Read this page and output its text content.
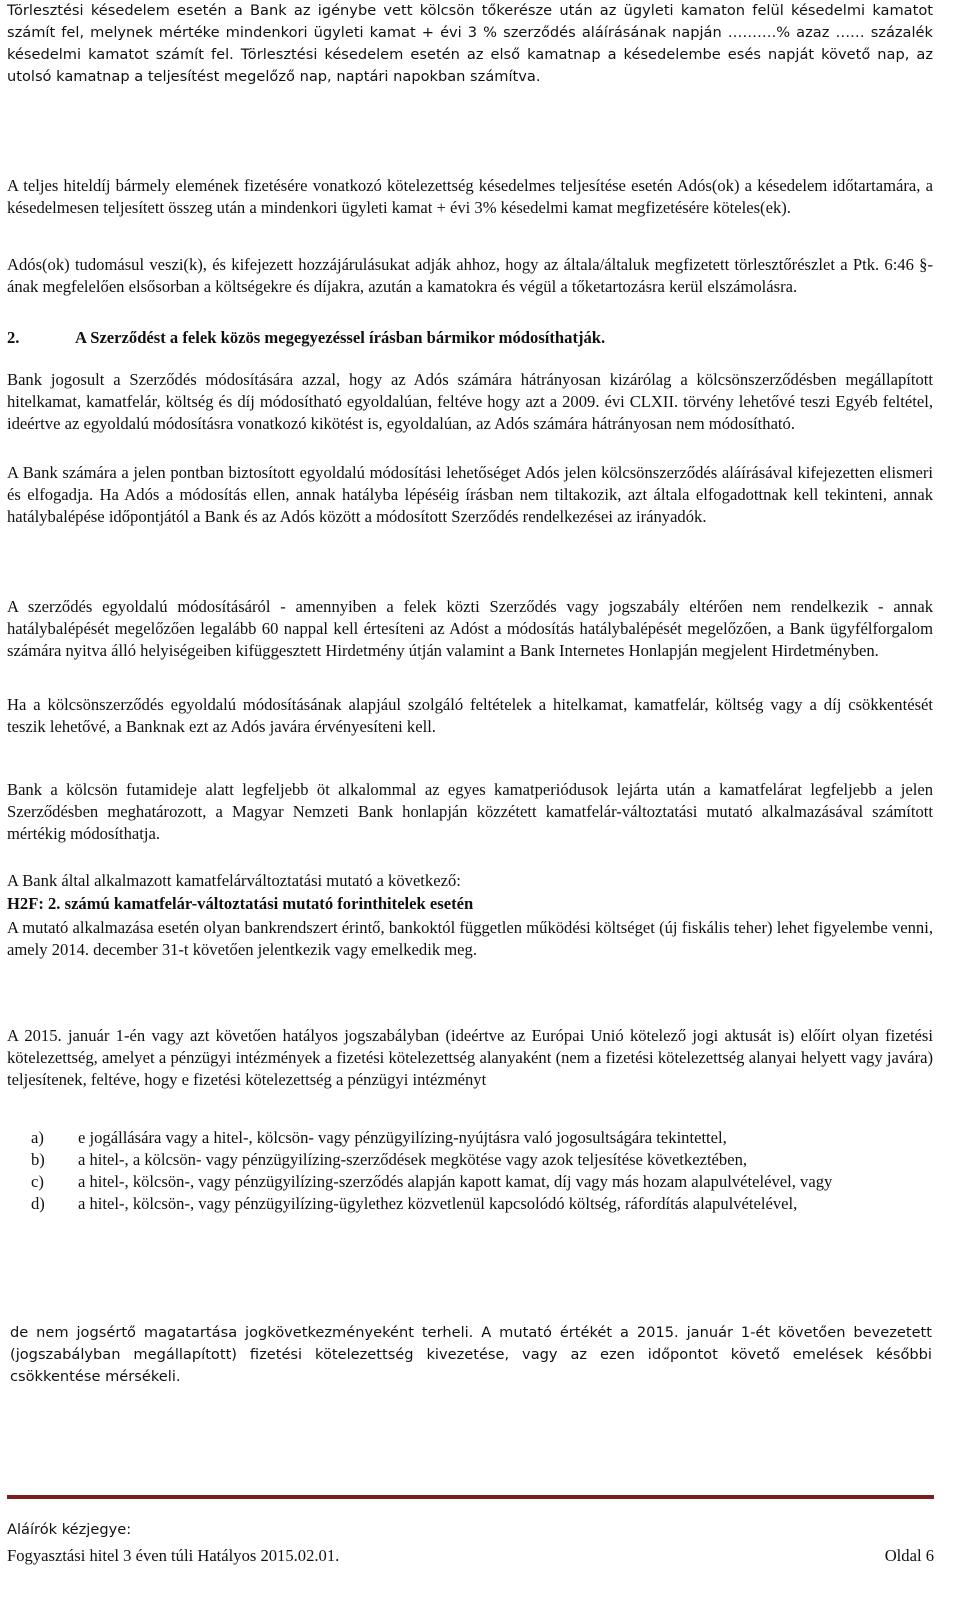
Törlesztési késedelem esetén a Bank az igénybe vett kölcsön tőkerésze után az ügyleti kamaton felül késedelmi kamatot számít fel, melynek mértéke mindenkori ügyleti kamat + évi 3 % szerződés aláírásának napján ……….% azaz …… százalék késedelmi kamatot számít fel. Törlesztési késedelem esetén az első kamatnap a késedelembe esés napját követő nap, az utolsó kamatnap a teljesítést megelőző nap, naptári napokban számítva.

A teljes hiteldíj bármely elemének fizetésére vonatkozó kötelezettség késedelmes teljesítése esetén Adós(ok) a késedelem időtartamára, a késedelmesen teljesített összeg után a mindenkori ügyleti kamat + évi 3% késedelmi kamat megfizetésére köteles(ek).

Adós(ok) tudomásul veszi(k), és kifejezett hozzájárulásukat adják ahhoz, hogy az általa/általuk megfizetett törlesztőrészlet a Ptk. 6:46 §-ának megfelelően elsősorban a költségekre és díjakra, azután a kamatokra és végül a tőketartozásra kerül elszámolásra.

2.	A Szerződést a felek közös megegyezéssel írásban bármikor módosíthatják.

Bank jogosult a Szerződés módosítására azzal, hogy az Adós számára hátrányosan kizárólag a kölcsönszerződésben megállapított hitelkamat, kamatfelár, költség és díj módosítható egyoldalúan, feltéve hogy azt a 2009. évi CLXII. törvény lehetővé teszi Egyéb feltétel, ideértve az egyoldalú módosításra vonatkozó kikötést is, egyoldalúan, az Adós számára hátrányosan nem módosítható.

A Bank számára a jelen pontban biztosított egyoldalú módosítási lehetőséget Adós jelen kölcsönszerződés aláírásával kifejezetten elismeri és elfogadja. Ha Adós a módosítás ellen, annak hatályba lépéséig írásban nem tiltakozik, azt általa elfogadottnak kell tekinteni, annak hatálybalépése időpontjától a Bank és az Adós között a módosított Szerződés rendelkezései az irányadók.

A szerződés egyoldalú módosításáról - amennyiben a felek közti Szerződés vagy jogszabály eltérően nem rendelkezik - annak hatálybalépését megelőzően legalább 60 nappal kell értesíteni az Adóst a módosítás hatálybalépését megelőzően, a Bank ügyfélforgalom számára nyitva álló helyiségeiben kifüggesztett Hirdetmény útján valamint a Bank Internetes Honlapján megjelent Hirdetményben.

Ha a kölcsönszerződés egyoldalú módosításának alapjául szolgáló feltételek a hitelkamat, kamatfelár, költség vagy a díj csökkentését teszik lehetővé, a Banknak ezt az Adós javára érvényesíteni kell.

Bank a kölcsön futamideje alatt legfeljebb öt alkalommal az egyes kamatperiódusok lejárta után a kamatfelárat legfeljebb a jelen Szerződésben meghatározott, a Magyar Nemzeti Bank honlapján közzétett kamatfelár-változtatási mutató alkalmazásával számított mértékig módosíthatja.

A Bank által alkalmazott kamatfelárváltoztatási mutató a következő:

H2F: 2. számú kamatfelár-változtatási mutató forinthitelek esetén

A mutató alkalmazása esetén olyan bankrendszert érintő, bankoktól független működési költséget (új fiskális teher) lehet figyelembe venni, amely 2014. december 31-t követően jelentkezik vagy emelkedik meg.

A 2015. január 1-én vagy azt követően hatályos jogszabályban (ideértve az Európai Unió kötelező jogi aktusát is) előírt olyan fizetési kötelezettség, amelyet a pénzügyi intézmények a fizetési kötelezettség alanyaként (nem a fizetési kötelezettség alanyai helyett vagy javára) teljesítenek, feltéve, hogy e fizetési kötelezettség a pénzügyi intézményt

a) e jogállására vagy a hitel-, kölcsön- vagy pénzügyilízing-nyújtásra való jogosultságára tekintettel,
b) a hitel-, a kölcsön- vagy pénzügyilízing-szerződések megkötése vagy azok teljesítése következtében,
c) a hitel-, kölcsön-, vagy pénzügyilízing-szerződés alapján kapott kamat, díj vagy más hozam alapulvételével, vagy
d) a hitel-, kölcsön-, vagy pénzügyilízing-ügylethez közvetlenül kapcsolódó költség, ráfordítás alapulvételével,

de nem jogsértő magatartása jogkövetkezményeként terheli. A mutató értékét a 2015. január 1-ét követően bevezetett (jogszabályban megállapított) fizetési kötelezettség kivezetése, vagy az ezen időpontot követő emelések későbbi csökkentése mérsékeli.

Aláírók kézjegye:
Fogyasztási hitel 3 éven túli Hatályos 2015.02.01.	Oldal 6
